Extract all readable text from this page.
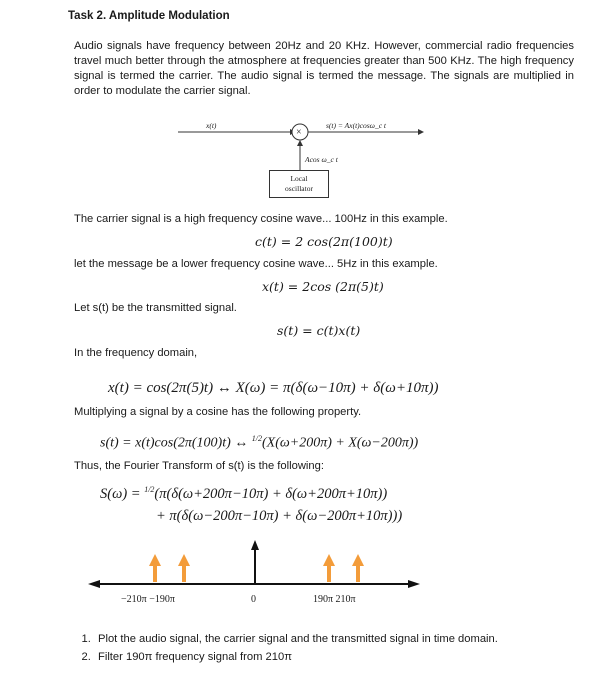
Task 2. Amplitude Modulation
Audio signals have frequency between 20Hz and 20 KHz. However, commercial radio frequencies travel much better through the atmosphere at frequencies greater than 500 KHz. The high frequency signal is termed the carrier. The audio signal is termed the message. The signals are multiplied in order to modulate the carrier signal.
×
x(t)	s(t) = Ax(t)cosω_c t
Acos ω_c t
Local
oscillator
The carrier signal is a high frequency cosine wave... 100Hz in this example.
c(t) = 2 cos(2π(100)t)
let the message be a lower frequency cosine wave... 5Hz in this example.
x(t) = 2cos (2π(5)t)
Let s(t) be the transmitted signal.
s(t) = c(t)x(t)
In the frequency domain,
x(t) = cos(2π(5)t) ↔ X(ω) = π(δ(ω−10π) + δ(ω+10π))
Multiplying a signal by a cosine has the following property.
s(t) = x(t)cos(2π(100)t) ↔ $^{1/2}$(X(ω+200π) + X(ω−200π))
Thus, the Fourier Transform of s(t) is the following:
S(ω) = $^{1/2}$(π(δ(ω+200π−10π) + δ(ω+200π+10π))
+ π(δ(ω−200π−10π) + δ(ω−200π+10π)))
−210π −190π	0	190π 210π
1. Plot the audio signal, the carrier signal and the transmitted signal in time domain.
2. Filter 190π frequency signal from 210π
